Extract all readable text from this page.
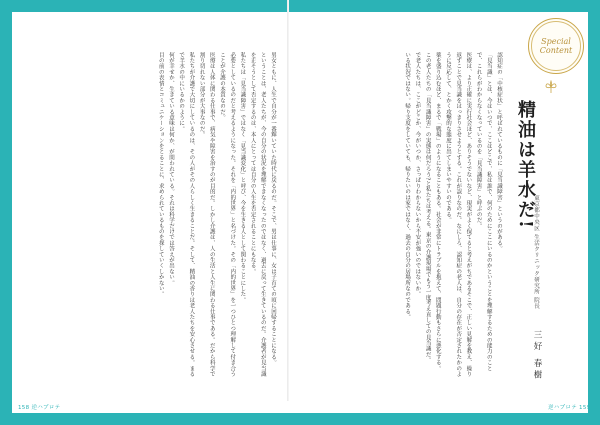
男女ともに、人生で自分が一番輝いていた時代に戻るのだ。そこで、男は仕事に、女は子育ての頃に回帰することになる。

ということは、老人たちが、今の自分の状況を理解できなくなったのではなく、過去に戻って生きているのだ。介護者が見当識を正そうとして否定するのは、本人にとっては自分の人生を否定されることにもなる。

私たちは「見当識障害」ではなく「見当識変化」と呼び、今を生きる人として関わることにした。

必要としているのだと考えるようになった。それを「内的世界」と名づけた。その「内的世界」を一つひとつ理解して付き合うことが介護の本質なのだ。

医療は人体に関わる仕事で、病気や障害を治すのが目的だ。しかし介護は、人の生活と人生に関わる仕事である。だから科学で割り切れない部分が大事なのだ。

私たちが介護で大切にしているのは、その人がその人らしく生きることだ。そして、精油の香りは老人たちを安心させる。まるで羊水の中にいるかのように。

何が幸せか、生きている意味は何か、が問われている。それは科学だけでは答えが出ない。

目の前の表情とコミュニケーションをとることに、求められているものを探していくしかない。	認知症の「中核症状」と呼ばれているものに「見当識障害」というのがある。

「見当識」とは、今はいつで、ここはどこで、私は誰で、何のためにここにいるのかということを理解するための能力のことで、これらがわからなくなっているのを「見当識障害」と呼ぶのだ。

医療は、より正確に実行社会ほど、ありそうでないなど、現実がよく保てると考えがちであるそこで、正しい見解を教え、繰り返すことで見当識をはっきりさせようとする。これが誤りなのだ。なにしろ、認知症の老人は、自分の存在が否定されたかのように反応して、とかく攻撃的な態度に出てしまいやすいのである。

薬を盛り込むほど、まるで「戦場」のようになることもある。社会が非常にトラブルを抱えて、問題行動もさらに悪化する。

この老人たちの「見当識障害」の実態は何だろう?と私たちは考える。東京の介護現場でもう一度考え直しての見当識だ。

で老人たちは、ここがどこか、今がいつか、さっぱりわからないから不安が強いのではないか。

いる状況ではない。帰り支度をしていても、帰りたいのは家ではなく、過去の自分の居場所なのである。	精油は羊水だ!
東京都中央区 生活クリニック研究所 院長
三好 春樹
Special
Content
158 逆ハプロテ	逆ハプロテ 159
